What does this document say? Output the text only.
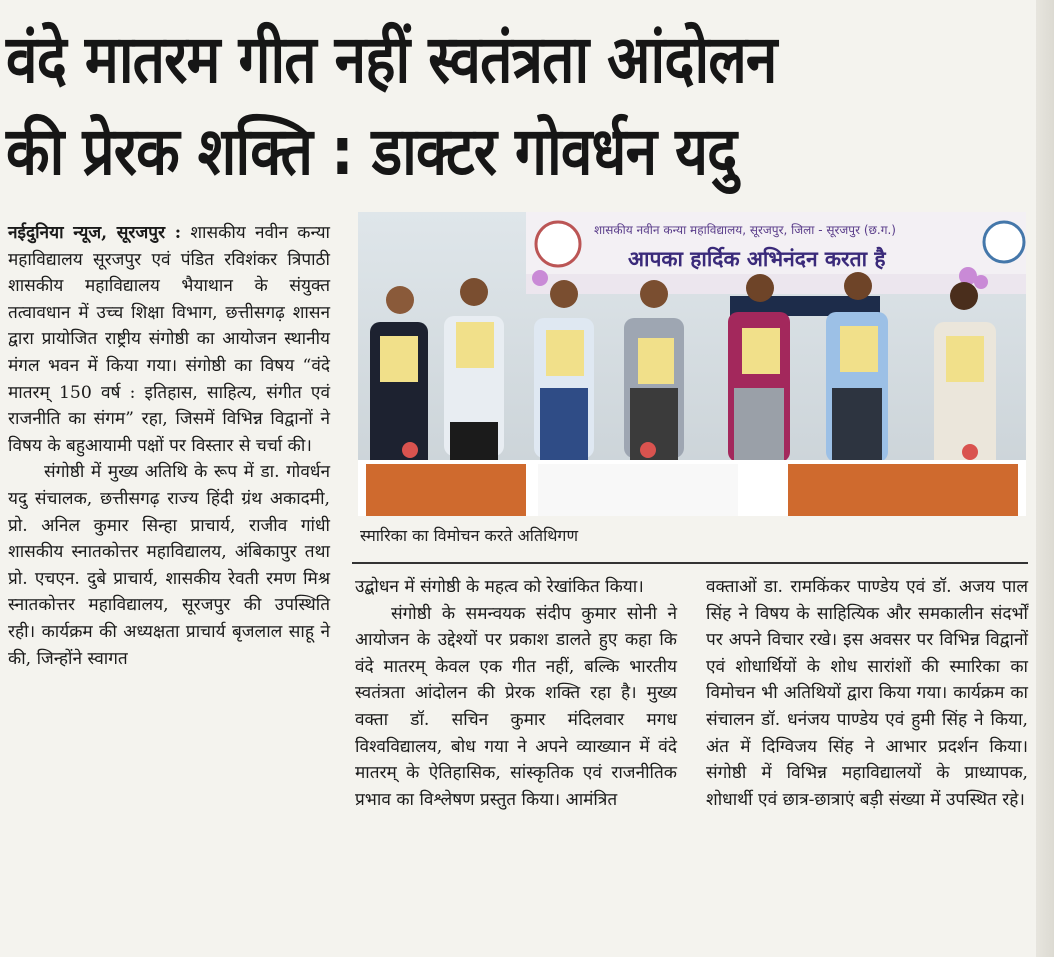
वंदे मातरम गीत नहीं स्वतंत्रता आंदोलन
की प्रेरक शक्ति : डाक्टर गोवर्धन यदु

नईदुनिया न्यूज, सूरजपुर : शासकीय नवीन कन्या महाविद्यालय सूरजपुर एवं पंडित रविशंकर त्रिपाठी शासकीय महाविद्यालय भैयाथान के संयुक्त तत्वावधान में उच्च शिक्षा विभाग, छत्तीसगढ़ शासन द्वारा प्रायोजित राष्ट्रीय संगोष्ठी का आयोजन स्थानीय मंगल भवन में किया गया। संगोष्ठी का विषय “वंदे मातरम् 150 वर्ष : इतिहास, साहित्य, संगीत एवं राजनीति का संगम” रहा, जिसमें विभिन्न विद्वानों ने विषय के बहुआयामी पक्षों पर विस्तार से चर्चा की।

संगोष्ठी में मुख्य अतिथि के रूप में डा. गोवर्धन यदु संचालक, छत्तीसगढ़ राज्य हिंदी ग्रंथ अकादमी, प्रो. अनिल कुमार सिन्हा प्राचार्य, राजीव गांधी शासकीय स्नातकोत्तर महाविद्यालय, अंबिकापुर तथा प्रो. एचएन. दुबे प्राचार्य, शासकीय रेवती रमण मिश्र स्नातकोत्तर महाविद्यालय, सूरजपुर की उपस्थिति रही। कार्यक्रम की अध्यक्षता प्राचार्य बृजलाल साहू ने की, जिन्होंने स्वागत

शासकीय नवीन कन्या महाविद्यालय, सूरजपुर, जिला - सूरजपुर (छ.ग.)
आपका हार्दिक अभिनंदन करता है
स्मारिका का विमोचन करते अतिथिगण

उद्बोधन में संगोष्ठी के महत्व को रेखांकित किया।

संगोष्ठी के समन्वयक संदीप कुमार सोनी ने आयोजन के उद्देश्यों पर प्रकाश डालते हुए कहा कि वंदे मातरम् केवल एक गीत नहीं, बल्कि भारतीय स्वतंत्रता आंदोलन की प्रेरक शक्ति रहा है। मुख्य वक्ता डॉ. सचिन कुमार मंदिलवार मगध विश्वविद्यालय, बोध गया ने अपने व्याख्यान में वंदे मातरम् के ऐतिहासिक, सांस्कृतिक एवं राजनीतिक प्रभाव का विश्लेषण प्रस्तुत किया। आमंत्रित

वक्ताओं डा. रामकिंकर पाण्डेय एवं डॉ. अजय पाल सिंह ने विषय के साहित्यिक और समकालीन संदर्भों पर अपने विचार रखे। इस अवसर पर विभिन्न विद्वानों एवं शोधार्थियों के शोध सारांशों की स्मारिका का विमोचन भी अतिथियों द्वारा किया गया। कार्यक्रम का संचालन डॉ. धनंजय पाण्डेय एवं हुमी सिंह ने किया, अंत में दिग्विजय सिंह ने आभार प्रदर्शन किया। संगोष्ठी में विभिन्न महाविद्यालयों के प्राध्यापक, शोधार्थी एवं छात्र-छात्राएं बड़ी संख्या में उपस्थित रहे।
